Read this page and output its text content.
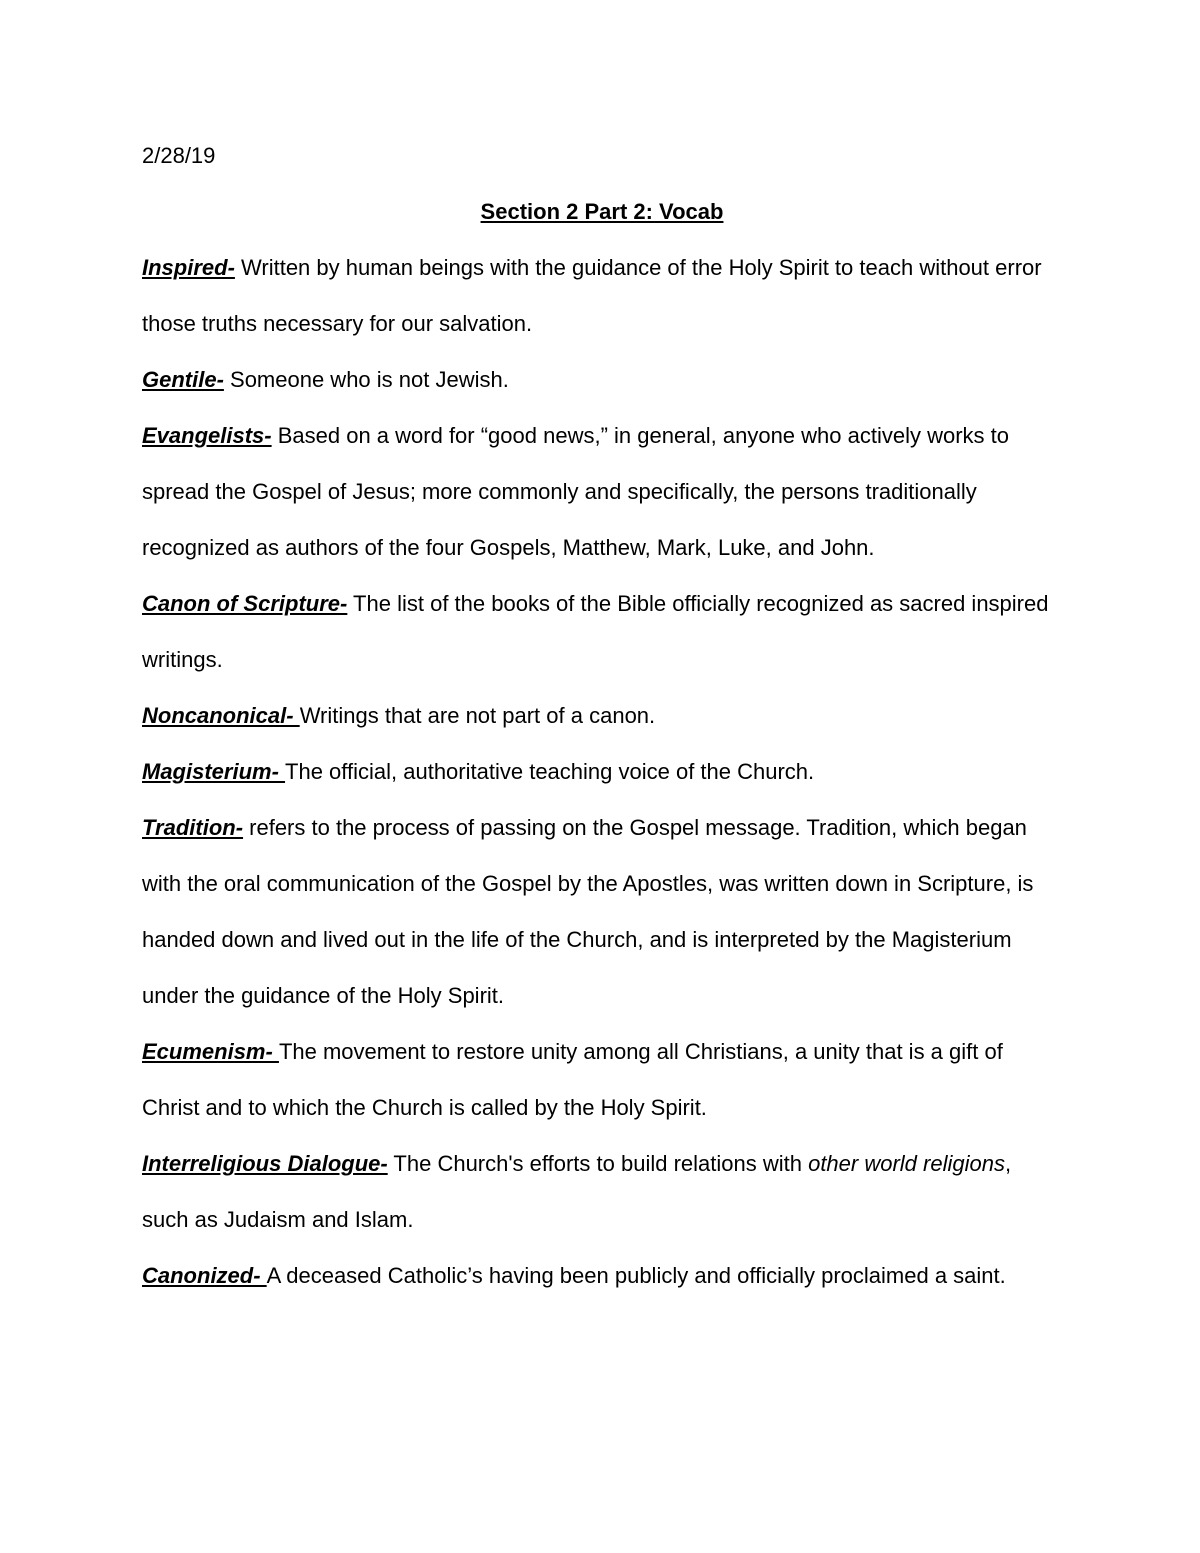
2/28/19
Section 2 Part 2: Vocab

Inspired- Written by human beings with the guidance of the Holy Spirit to teach without error those truths necessary for our salvation.

Gentile- Someone who is not Jewish.

Evangelists- Based on a word for “good news,” in general, anyone who actively works to spread the Gospel of Jesus; more commonly and specifically, the persons traditionally recognized as authors of the four Gospels, Matthew, Mark, Luke, and John.

Canon of Scripture- The list of the books of the Bible officially recognized as sacred inspired writings.

Noncanonical- Writings that are not part of a canon.

Magisterium- The official, authoritative teaching voice of the Church.

Tradition- refers to the process of passing on the Gospel message. Tradition, which began with the oral communication of the Gospel by the Apostles, was written down in Scripture, is handed down and lived out in the life of the Church, and is interpreted by the Magisterium under the guidance of the Holy Spirit.

Ecumenism- The movement to restore unity among all Christians, a unity that is a gift of Christ and to which the Church is called by the Holy Spirit.

Interreligious Dialogue- The Church's efforts to build relations with other world religions, such as Judaism and Islam.

Canonized- A deceased Catholic’s having been publicly and officially proclaimed a saint.
